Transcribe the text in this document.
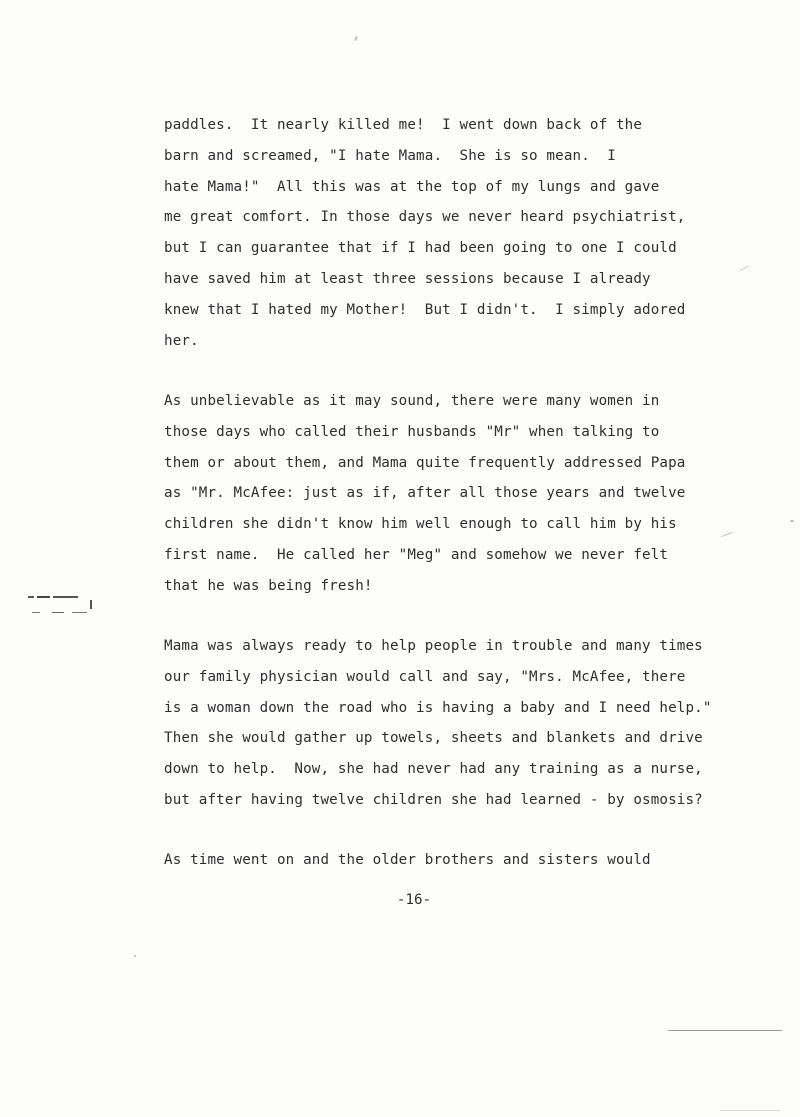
paddles.  It nearly killed me!  I went down back of the
barn and screamed, "I hate Mama.  She is so mean.  I
hate Mama!"  All this was at the top of my lungs and gave
me great comfort. In those days we never heard psychiatrist,
but I can guarantee that if I had been going to one I could
have saved him at least three sessions because I already
knew that I hated my Mother!  But I didn't.  I simply adored
her.
As unbelievable as it may sound, there were many women in
those days who called their husbands "Mr" when talking to
them or about them, and Mama quite frequently addressed Papa
as "Mr. McAfee: just as if, after all those years and twelve
children she didn't know him well enough to call him by his
first name.  He called her "Meg" and somehow we never felt
that he was being fresh!
Mama was always ready to help people in trouble and many times
our family physician would call and say, "Mrs. McAfee, there
is a woman down the road who is having a baby and I need help."
Then she would gather up towels, sheets and blankets and drive
down to help.  Now, she had never had any training as a nurse,
but after having twelve children she had learned - by osmosis?
As time went on and the older brothers and sisters would
-16-
